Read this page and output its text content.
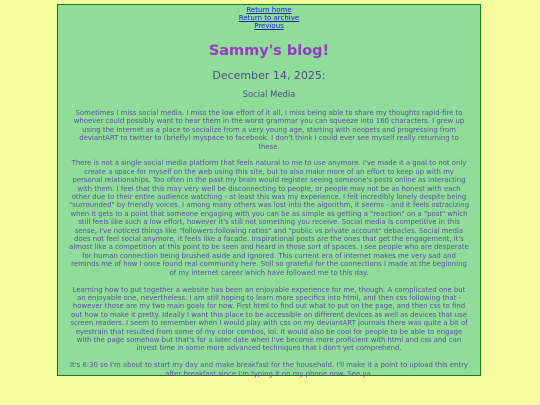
Return home
Return to archive
Previous
Sammy's blog!
December 14, 2025:
Social Media

Sometimes I miss social media. I miss the low effort of it all, I miss being able to share my thoughts rapid-fire to whoever could possibly want to hear them in the worst grammar you can squeeze into 160 characters. I grew up using the internet as a place to socialize from a very young age, starting with neopets and progressing from deviantART to twitter to (briefly) myspace to facebook. I don't think I could ever see myself really returning to these.

There is not a single social media platform that feels natural to me to use anymore. I've made it a goal to not only create a space for myself on the web using this site, but to also make more of an effort to keep up with my personal relationships. Too often in the past my brain would register seeing someone's posts online as interacting with them. I feel that this may very well be disconnecting to people, or people may not be as honest with each other due to their entire audience watching - at least this was my experience. I felt incredibly lonely despite being "surrounded" by friendly voices. I among many others was lost into the algorithm, it seems - and it feels ostracizing when it gets to a point that someone engaging with you can be as simple as getting a "reaction" on a "post" which still feels like such a low effort, however it's still not something you receive. Social media is competitive in this sense, I've noticed things like "followers:following ratios" and "public vs private account" debacles. Social media does not feel social anymore, it feels like a facade. Inspirational posts are the ones that get the engagement, it's almost like a competition at this point to be seen and heard in those sort of spaces. I see people who are desperate for human connection being brushed aside and ignored. This current era of internet makes me very sad and reminds me of how I once found real community here. Still so grateful for the connections I made at the beginning of my internet career which have followed me to this day.

Learning how to put together a website has been an enjoyable experience for me, though. A complicated one but an enjoyable one, nevertheless. I am still hoping to learn more specifics into html, and then css following that - however those are my two main goals for now. First html to find out what to put on the page, and then css to find out how to make it pretty. Ideally I want this place to be accessible on different devices as well as devices that use screen readers. I seem to remember when I would play with css on my deviantART journals there was quite a bit of eyestrain that resulted from some of my color combos, lol. It would also be cool for people to be able to engage with the page somehow but that's for a later date when I've become more proficient with html and css and can invest time in some more advanced techniques that I don't yet comprehend.

It's 6:30 so I'm about to start my day and make breakfast for the household. I'll make it a point to upload this entry after breakfast since I'm typing it on my phone now. See ya.
